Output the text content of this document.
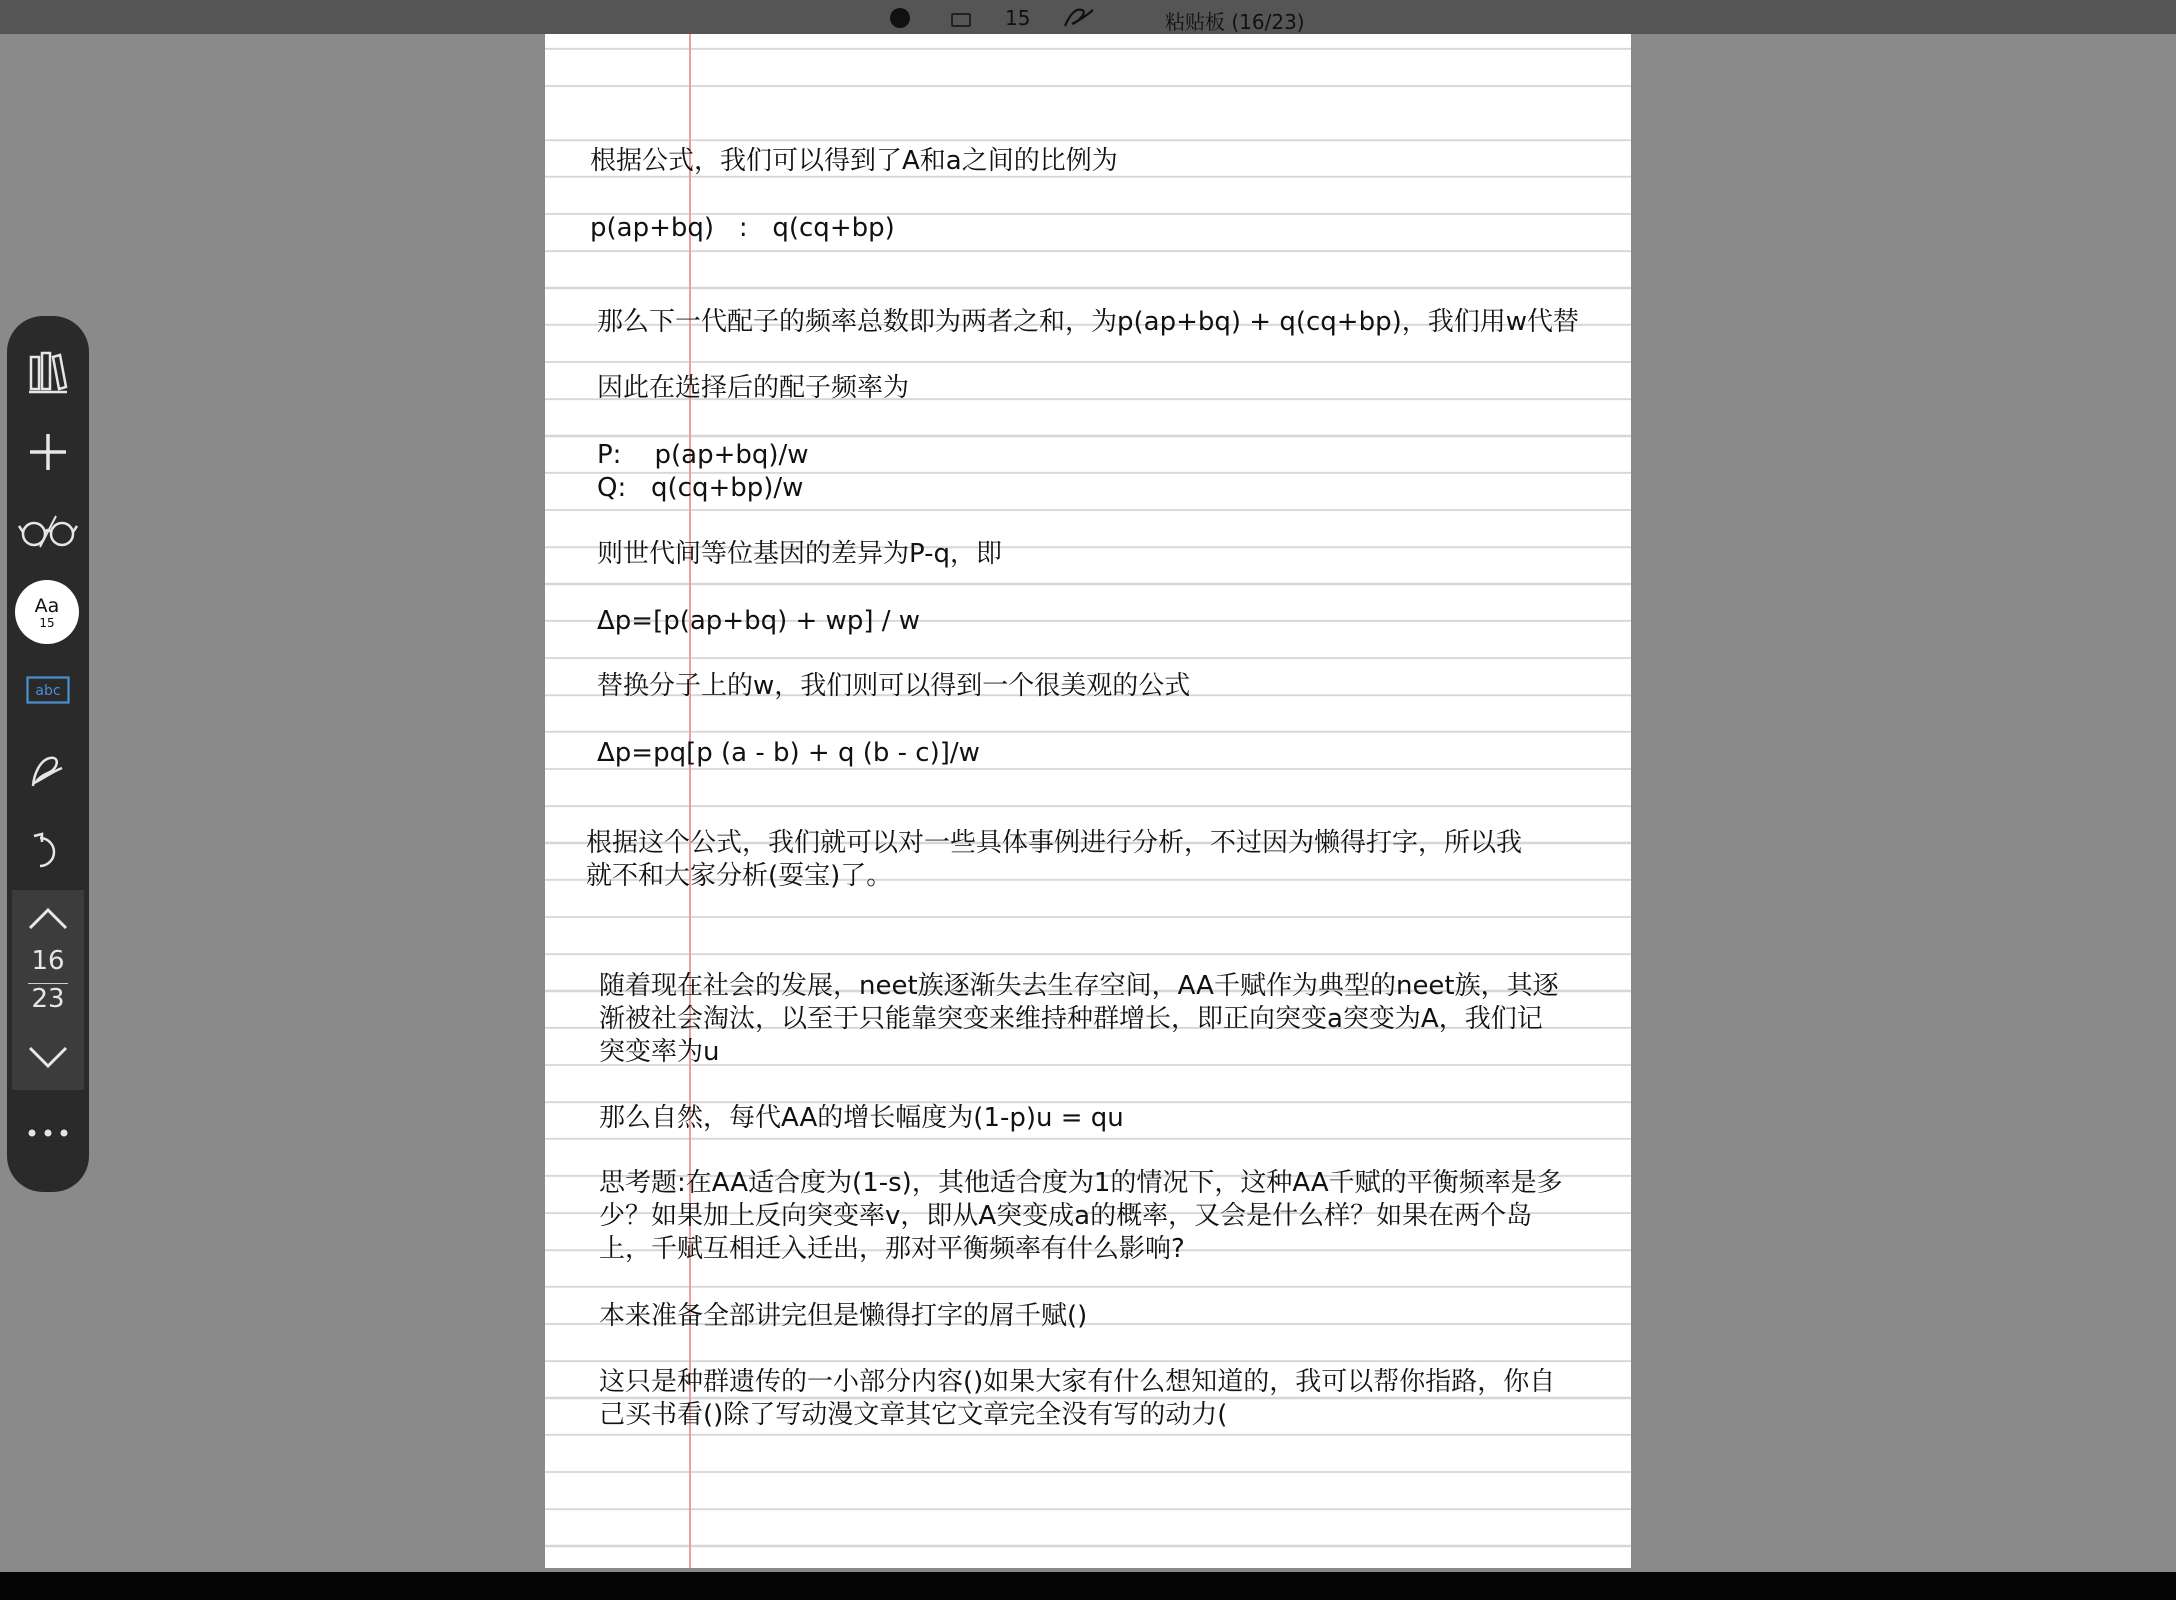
15	粘贴板 (16/23)

根据公式，我们可以得到了A和a之间的比例为

p(ap+bq)   :   q(cq+bp)

那么下一代配子的频率总数即为两者之和，为p(ap+bq) + q(cq+bp)，我们用w代替

因此在选择后的配子频率为

P:    p(ap+bq)/w

Q:   q(cq+bp)/w

则世代间等位基因的差异为P-q，即

Δp=[p(ap+bq) + wp] / w

替换分子上的w，我们则可以得到一个很美观的公式

Δp=pq[p (a - b) + q (b - c)]/w

根据这个公式，我们就可以对一些具体事例进行分析，不过因为懒得打字，所以我

就不和大家分析(耍宝)了。

随着现在社会的发展，neet族逐渐失去生存空间，AA千赋作为典型的neet族，其逐

渐被社会淘汰，以至于只能靠突变来维持种群增长，即正向突变a突变为A，我们记

突变率为u

那么自然，每代AA的增长幅度为(1-p)u = qu

思考题:在AA适合度为(1-s)，其他适合度为1的情况下，这种AA千赋的平衡频率是多

少？如果加上反向突变率v，即从A突变成a的概率，又会是什么样？如果在两个岛

上，千赋互相迁入迁出，那对平衡频率有什么影响?

本来准备全部讲完但是懒得打字的屑千赋()

这只是种群遗传的一小部分内容()如果大家有什么想知道的，我可以帮你指路，你自

己买书看()除了写动漫文章其它文章完全没有写的动力(

Aa
15
abc
16
23
